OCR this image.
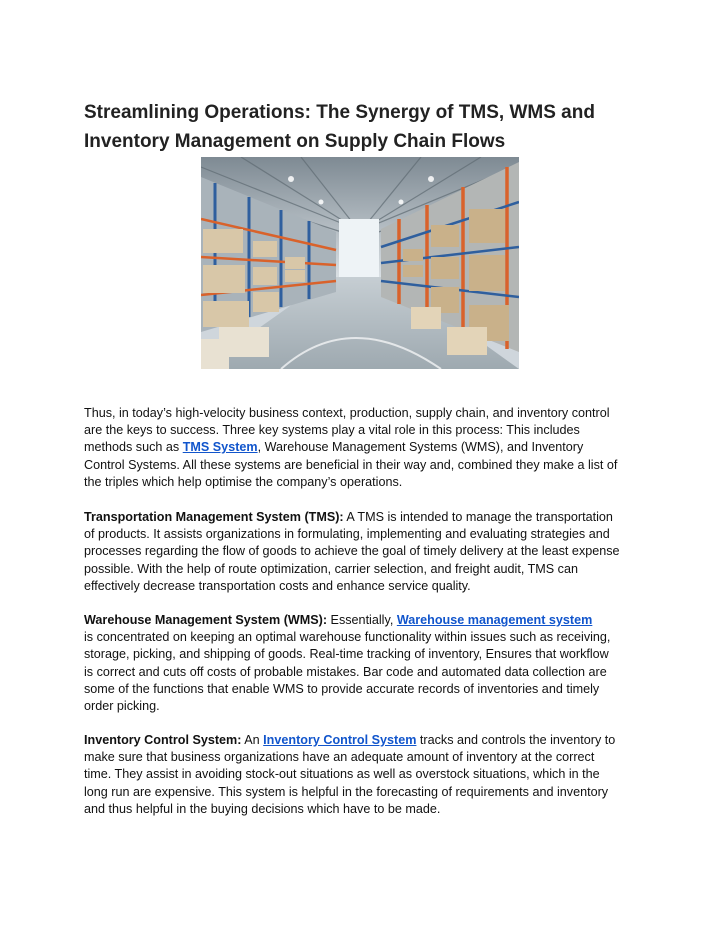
Streamlining Operations: The Synergy of TMS, WMS and
Inventory Management on Supply Chain Flows

Thus, in today’s high-velocity business context, production, supply chain, and inventory control
are the keys to success. Three key systems play a vital role in this process: This includes
methods such as TMS System, Warehouse Management Systems (WMS), and Inventory
Control Systems. All these systems are beneficial in their way and, combined they make a list of
the triples which help optimise the company’s operations.

Transportation Management System (TMS): A TMS is intended to manage the transportation
of products. It assists organizations in formulating, implementing and evaluating strategies and
processes regarding the flow of goods to achieve the goal of timely delivery at the least expense
possible. With the help of route optimization, carrier selection, and freight audit, TMS can
effectively decrease transportation costs and enhance service quality.

Warehouse Management System (WMS): Essentially, Warehouse management system
is concentrated on keeping an optimal warehouse functionality within issues such as receiving,
storage, picking, and shipping of goods. Real-time tracking of inventory, Ensures that workflow
is correct and cuts off costs of probable mistakes. Bar code and automated data collection are
some of the functions that enable WMS to provide accurate records of inventories and timely
order picking.

Inventory Control System: An Inventory Control System tracks and controls the inventory to
make sure that business organizations have an adequate amount of inventory at the correct
time. They assist in avoiding stock-out situations as well as overstock situations, which in the
long run are expensive. This system is helpful in the forecasting of requirements and inventory
and thus helpful in the buying decisions which have to be made.
